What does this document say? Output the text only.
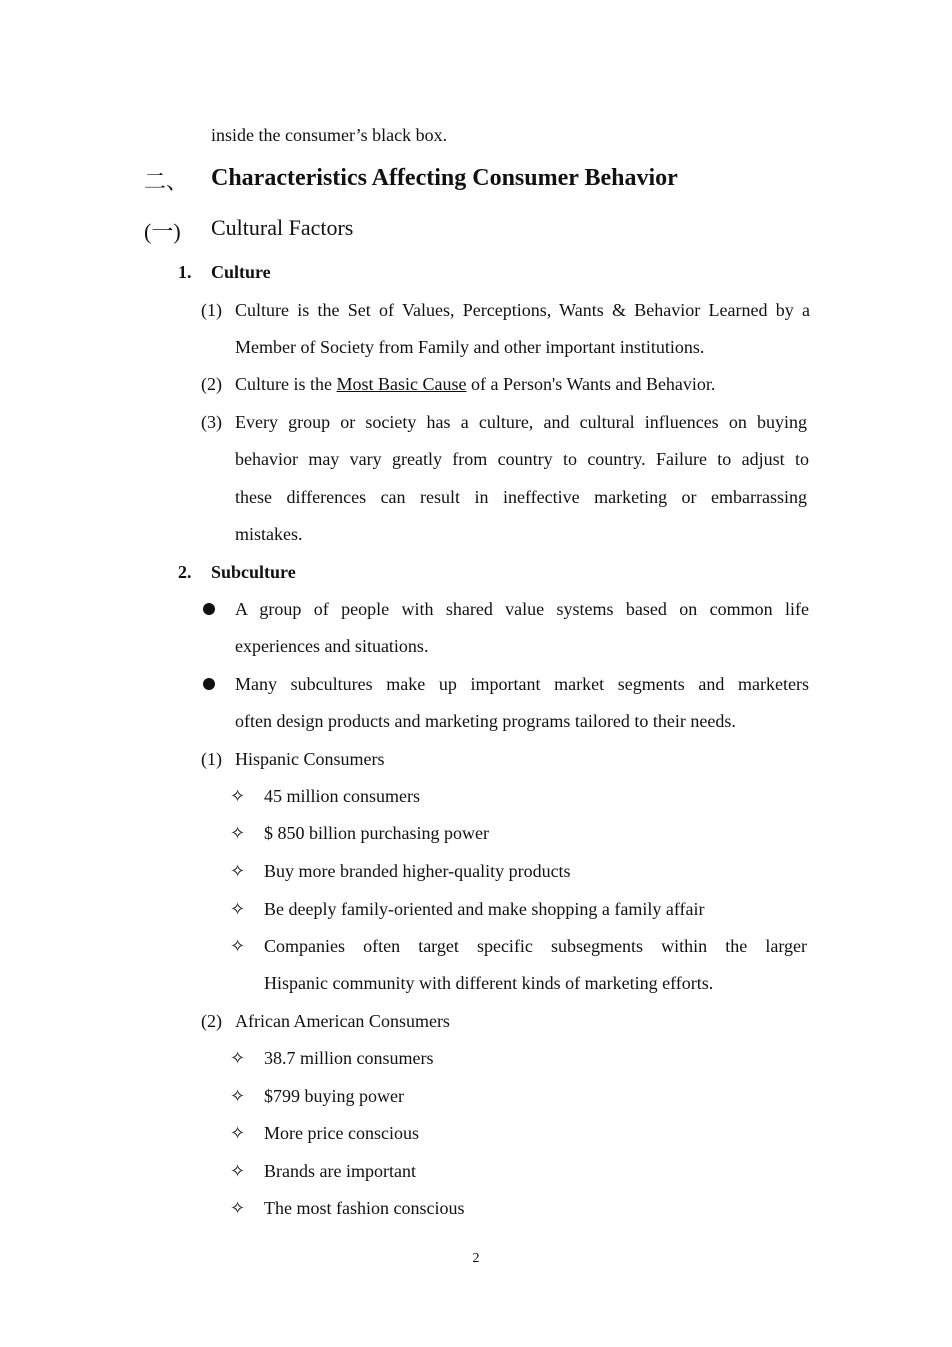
inside the consumer’s black box.
二、 Characteristics Affecting Consumer Behavior
(一) Cultural Factors
1. Culture
(1) Culture is the Set of Values, Perceptions, Wants & Behavior Learned by a
Member of Society from Family and other important institutions.
(2) Culture is the Most Basic Cause of a Person's Wants and Behavior.
(3) Every group or society has a culture, and cultural influences on buying
behavior may vary greatly from country to country. Failure to adjust to
these differences can result in ineffective marketing or embarrassing
mistakes.
2. Subculture
A group of people with shared value systems based on common life
experiences and situations.
Many subcultures make up important market segments and marketers
often design products and marketing programs tailored to their needs.
(1) Hispanic Consumers
✧ 45 million consumers
✧ $ 850 billion purchasing power
✧ Buy more branded higher-quality products
✧ Be deeply family-oriented and make shopping a family affair
✧ Companies often target specific subsegments within the larger
Hispanic community with different kinds of marketing efforts.
(2) African American Consumers
✧ 38.7 million consumers
✧ $799 buying power
✧ More price conscious
✧ Brands are important
✧ The most fashion conscious
2
